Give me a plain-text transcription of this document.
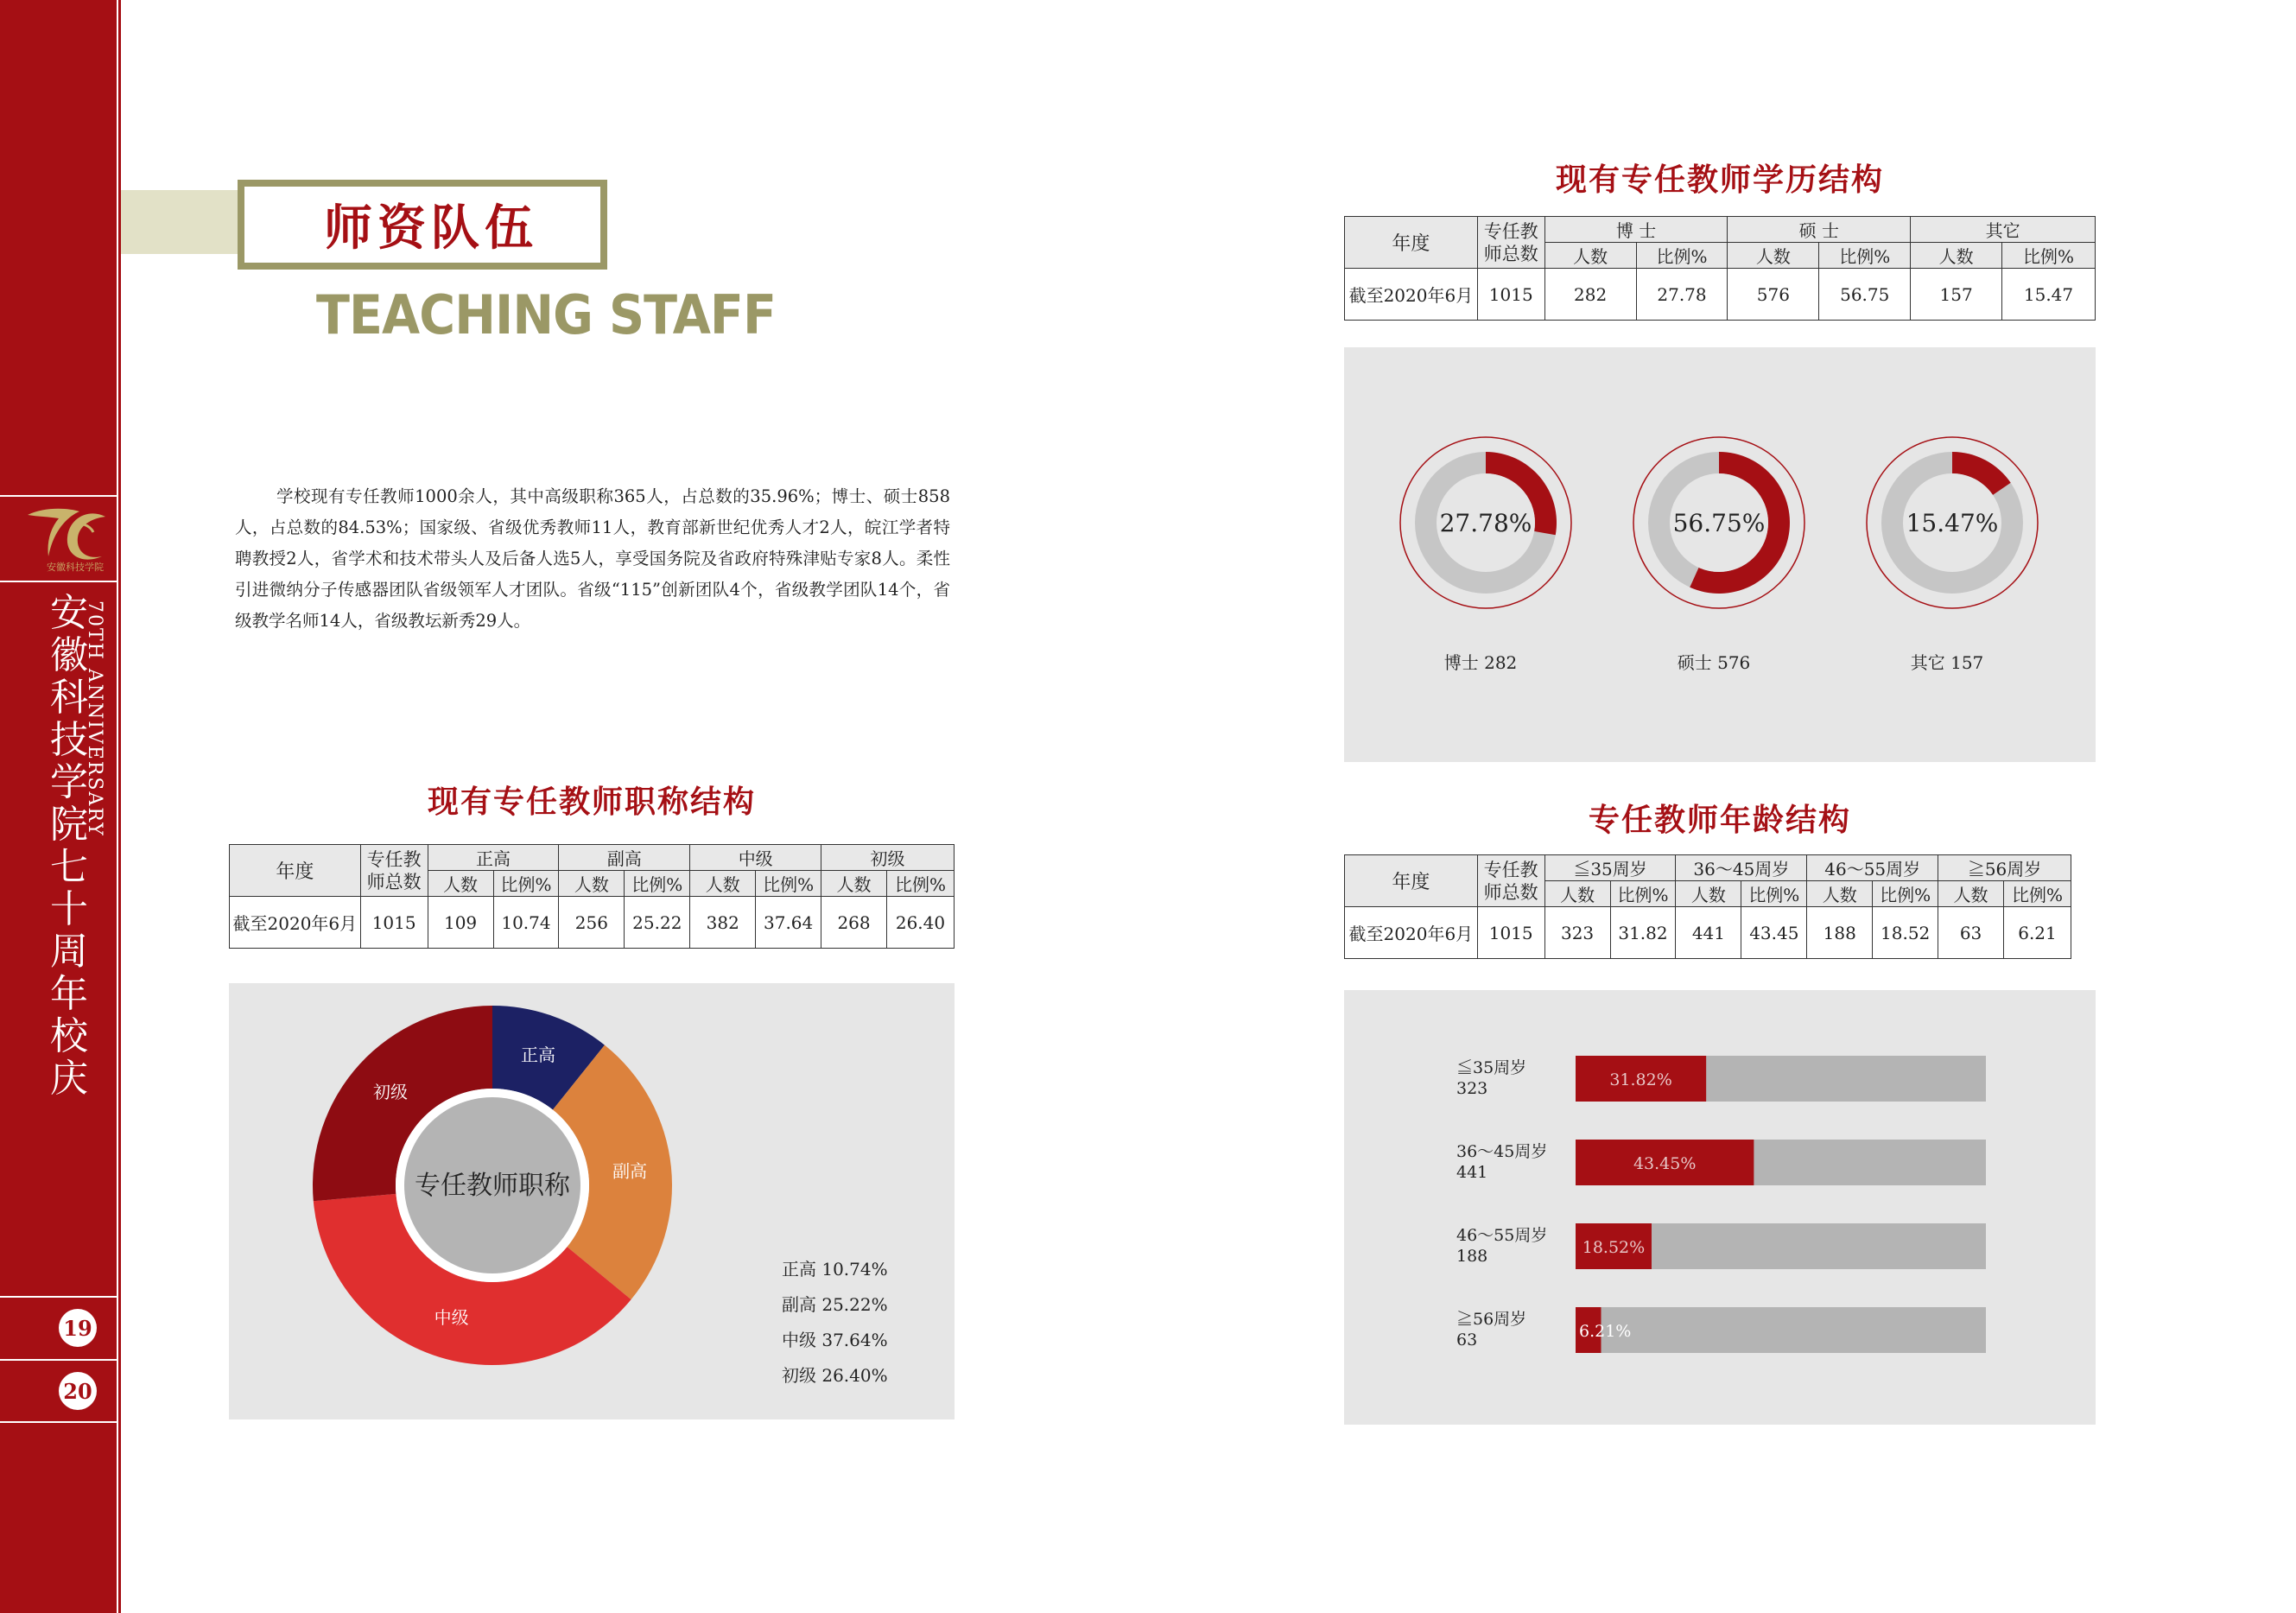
安徽科技学院
安徽科技学院七十周年校庆
70TH ANNIVERSARY
19
20
师资队伍
TEACHING STAFF

学校现有专任教师1000余人，其中高级职称365人，占总数的35.96%；博士、硕士858人，占总数的84.53%；国家级、省级优秀教师11人，教育部新世纪优秀人才2人，皖江学者特聘教授2人，省学术和技术带头人及后备人选5人，享受国务院及省政府特殊津贴专家8人。柔性引进微纳分子传感器团队省级领军人才团队。省级“115”创新团队4个，省级教学团队14个，省级教学名师14人，省级教坛新秀29人。

现有专任教师职称结构
年度	专任教师总数	正高		副高		中级		初级	
		人数	比例%	人数	比例%	人数	比例%	人数	比例%
截至2020年6月	1015	109	10.74	256	25.22	382	37.64	268	26.40
正高
副高
中级
初级
专任教师职称
正高 10.74%
副高 25.22%
中级 37.64%
初级 26.40%
现有专任教师学历结构
年度	专任教师总数	博 士		硕 士		其它	
		人数	比例%	人数	比例%	人数	比例%
截至2020年6月	1015	282	27.78	576	56.75	157	15.47
27.78%
博士 282
56.75%
硕士 576
15.47%
其它 157
专任教师年龄结构
年度	专任教师总数	≦35周岁		36～45周岁		46～55周岁		≧56周岁	
		人数	比例%	人数	比例%	人数	比例%	人数	比例%
截至2020年6月	1015	323	31.82	441	43.45	188	18.52	63	6.21
≦35周岁
323	31.82%
36～45周岁
441	43.45%
46～55周岁
188	18.52%
≧56周岁
63	6.21%
